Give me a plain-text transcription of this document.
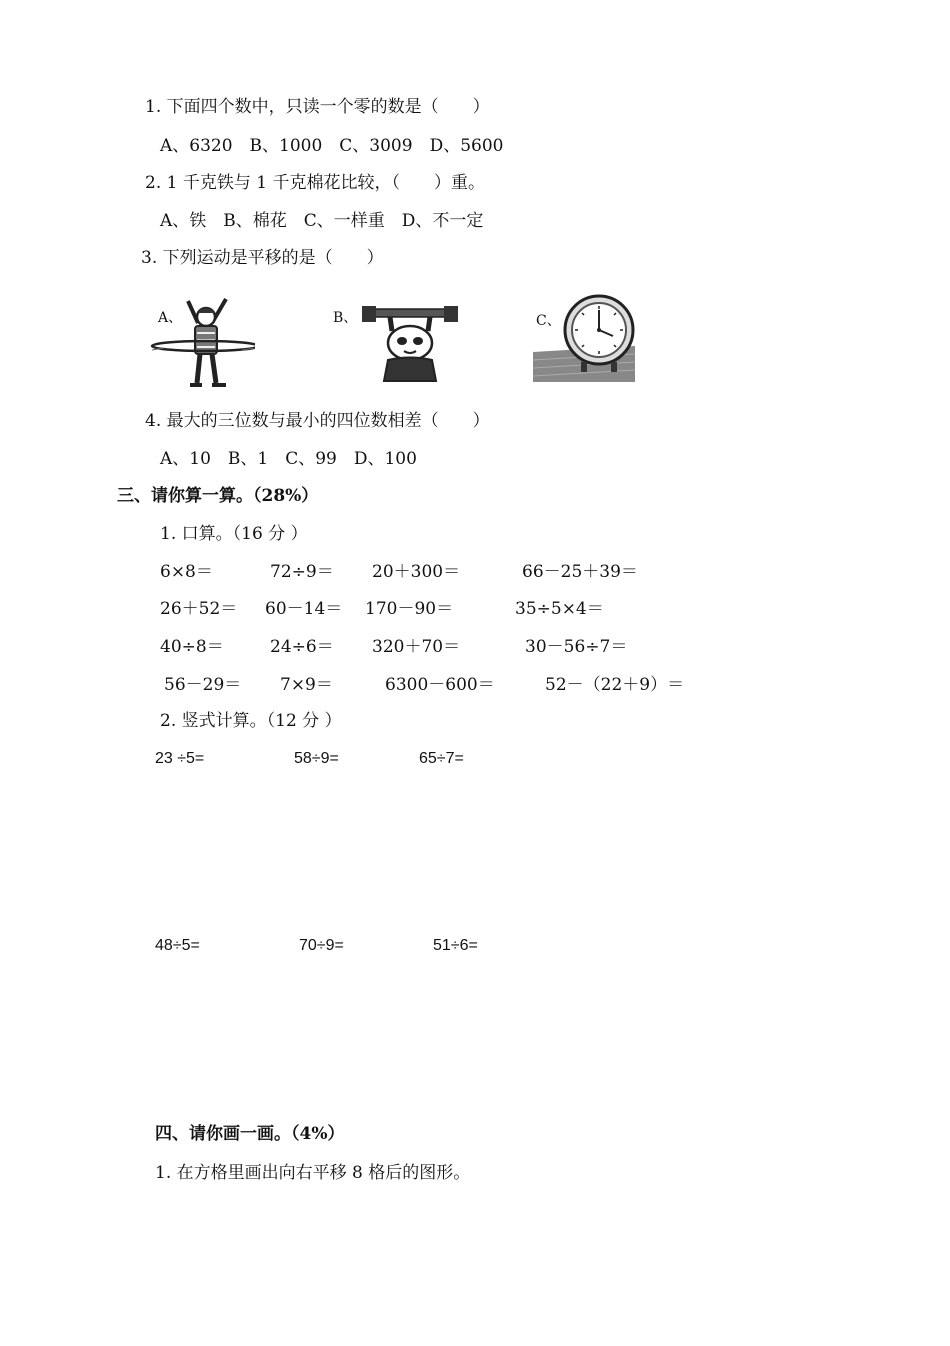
1. 下面四个数中，只读一个零的数是（　　）
A、6320　B、1000　C、3009　D、5600
2. 1 千克铁与 1 千克棉花比较，（　　）重。
A、铁　B、棉花　C、一样重　D、不一定
3. 下列运动是平移的是（　　）
A、	B、	C、
4. 最大的三位数与最小的四位数相差（　　）
A、10　B、1　C、99　D、100
三、请你算一算。（28%）
1. 口算。（16 分 ）
6×8＝	72÷9＝ 20＋300＝	66－25＋39＝
26＋52＝ 60－14＝ 170－90＝	35÷5×4＝
40÷8＝	24÷6＝ 320＋70＝	30－56÷7＝
56－29＝ 7×9＝	6300－600＝	52－（22＋9）＝
2. 竖式计算。（12 分 ）
23 ÷5=	58÷9=	65÷7=
48÷5=	70÷9=	51÷6=
四、请你画一画。（4%）
1. 在方格里画出向右平移 8 格后的图形。
